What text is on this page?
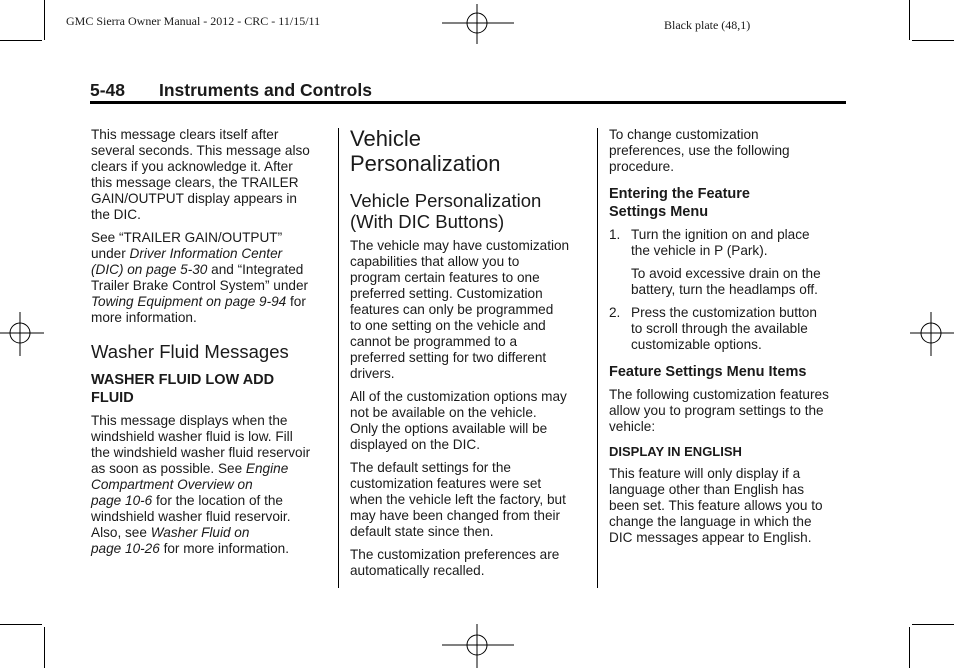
GMC Sierra Owner Manual - 2012 - CRC - 11/15/11	Black plate (48,1)
5-48 Instruments and Controls

This message clears itself after
several seconds. This message also
clears if you acknowledge it. After
this message clears, the TRAILER
GAIN/OUTPUT display appears in
the DIC.

See “TRAILER GAIN/OUTPUT”
under Driver Information Center
(DIC) on page 5-30 and “Integrated
Trailer Brake Control System” under
Towing Equipment on page 9-94 for
more information.

Washer Fluid Messages
WASHER FLUID LOW ADD
FLUID

This message displays when the
windshield washer fluid is low. Fill
the windshield washer fluid reservoir
as soon as possible. See Engine
Compartment Overview on
page 10-6 for the location of the
windshield washer fluid reservoir.
Also, see Washer Fluid on
page 10-26 for more information.

Vehicle
Personalization
Vehicle Personalization
(With DIC Buttons)

The vehicle may have customization
capabilities that allow you to
program certain features to one
preferred setting. Customization
features can only be programmed
to one setting on the vehicle and
cannot be programmed to a
preferred setting for two different
drivers.

All of the customization options may
not be available on the vehicle.
Only the options available will be
displayed on the DIC.

The default settings for the
customization features were set
when the vehicle left the factory, but
may have been changed from their
default state since then.

The customization preferences are
automatically recalled.

To change customization
preferences, use the following
procedure.

Entering the Feature
Settings Menu
1. Turn the ignition on and place
the vehicle in P (Park).
To avoid excessive drain on the
battery, turn the headlamps off.
2. Press the customization button
to scroll through the available
customizable options.
Feature Settings Menu Items

The following customization features
allow you to program settings to the
vehicle:

DISPLAY IN ENGLISH

This feature will only display if a
language other than English has
been set. This feature allows you to
change the language in which the
DIC messages appear to English.
